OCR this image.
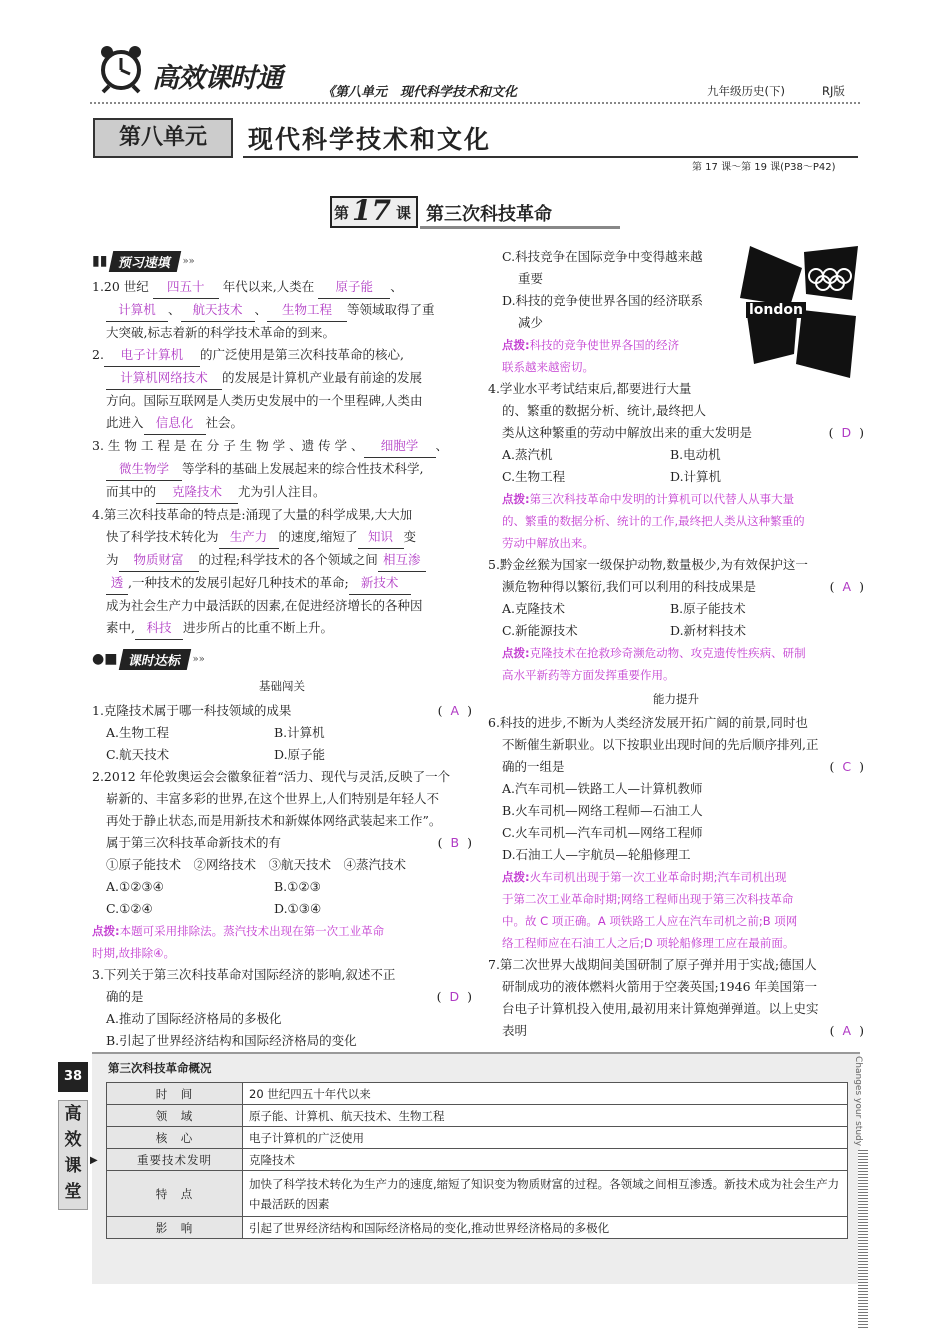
高效课时通	《第八单元　现代科学技术和文化	九年级历史(下)	RJ版
第八单元	现代科学技术和文化
第 17 课～第 19 课(P38～P42)
第 17 课 第三次科技革命
▮▮ 预习速填 »»
1.20 世纪 四五十 年代以来,人类在 原子能 、
计算机 、 航天技术 、 生物工程 等领域取得了重
大突破,标志着新的科学技术革命的到来。
2. 电子计算机 的广泛使用是第三次科技革命的核心,
计算机网络技术 的发展是计算机产业最有前途的发展
方向。国际互联网是人类历史发展中的一个里程碑,人类由
此进入 信息化 社会。
3. 生 物 工 程 是 在 分 子 生 物 学 、遗 传 学 、 细胞学 、
微生物学 等学科的基础上发展起来的综合性技术科学,
而其中的 克隆技术 尤为引人注目。
4.第三次科技革命的特点是:涌现了大量的科学成果,大大加
快了科学技术转化为 生产力 的速度,缩短了 知识 变
为 物质财富 的过程;科学技术的各个领域之间 相互渗
透 ,一种技术的发展引起好几种技术的革命; 新技术
成为社会生产力中最活跃的因素,在促进经济增长的各种因
素中, 科技 进步所占的比重不断上升。
●■ 课时达标 »»
基础闯关
1.克隆技术属于哪一科技领域的成果	( A )
A.生物工程	B.计算机
C.航天技术	D.原子能
2.2012 年伦敦奥运会会徽象征着“活力、现代与灵活,反映了一个
崭新的、丰富多彩的世界,在这个世界上,人们特别是年轻人不
再处于静止状态,而是用新技术和新媒体网络武装起来工作”。
属于第三次科技革命新技术的有	( B )
①原子能技术　②网络技术　③航天技术　④蒸汽技术
A.①②③④	B.①②③
C.①②④	D.①③④
点拨:本题可采用排除法。蒸汽技术出现在第一次工业革命
时期,故排除④。
3.下列关于第三次科技革命对国际经济的影响,叙述不正
确的是	( D )
A.推动了国际经济格局的多极化
B.引起了世界经济结构和国际经济格局的变化
C.科技竞争在国际竞争中变得越来越
重要
D.科技的竞争使世界各国的经济联系
减少
点拨:科技的竞争使世界各国的经济
联系越来越密切。
4.学业水平考试结束后,都要进行大量
的、繁重的数据分析、统计,最终把人
类从这种繁重的劳动中解放出来的重大发明是	( D )
A.蒸汽机	B.电动机
C.生物工程	D.计算机
点拨:第三次科技革命中发明的计算机可以代替人从事大量
的、繁重的数据分析、统计的工作,最终把人类从这种繁重的
劳动中解放出来。
5.黔金丝猴为国家一级保护动物,数量极少,为有效保护这一
濒危物种得以繁衍,我们可以利用的科技成果是	( A )
A.克隆技术	B.原子能技术
C.新能源技术	D.新材料技术
点拨:克隆技术在抢救珍奇濒危动物、攻克遗传性疾病、研制
高水平新药等方面发挥重要作用。
能力提升
6.科技的进步,不断为人类经济发展开拓广阔的前景,同时也
不断催生新职业。以下按职业出现时间的先后顺序排列,正
确的一组是	( C )
A.汽车司机—铁路工人—计算机教师
B.火车司机—网络工程师—石油工人
C.火车司机—汽车司机—网络工程师
D.石油工人—宇航员—轮船修理工
点拨:火车司机出现于第一次工业革命时期;汽车司机出现
于第二次工业革命时期;网络工程师出现于第三次科技革命
中。故 C 项正确。A 项铁路工人应在汽车司机之前;B 项网
络工程师应在石油工人之后;D 项轮船修理工应在最前面。
7.第二次世界大战期间美国研制了原子弹并用于实战;德国人
研制成功的液体燃料火箭用于空袭英国;1946 年美国第一
台电子计算机投入使用,最初用来计算炮弹弹道。以上史实
表明	( A )
london
第三次科技革命概况
时　间	20 世纪四五十年代以来
领　域	原子能、计算机、航天技术、生物工程
核　心	电子计算机的广泛使用
重要技术发明	克隆技术
特　点	加快了科学技术转化为生产力的速度,缩短了知识变为物质财富的过程。各领域之间相互渗透。新技术成为社会生产力中最活跃的因素
影　响	引起了世界经济结构和国际经济格局的变化,推动世界经济格局的多极化
38
高
效
课
堂
▶
Changes your study
